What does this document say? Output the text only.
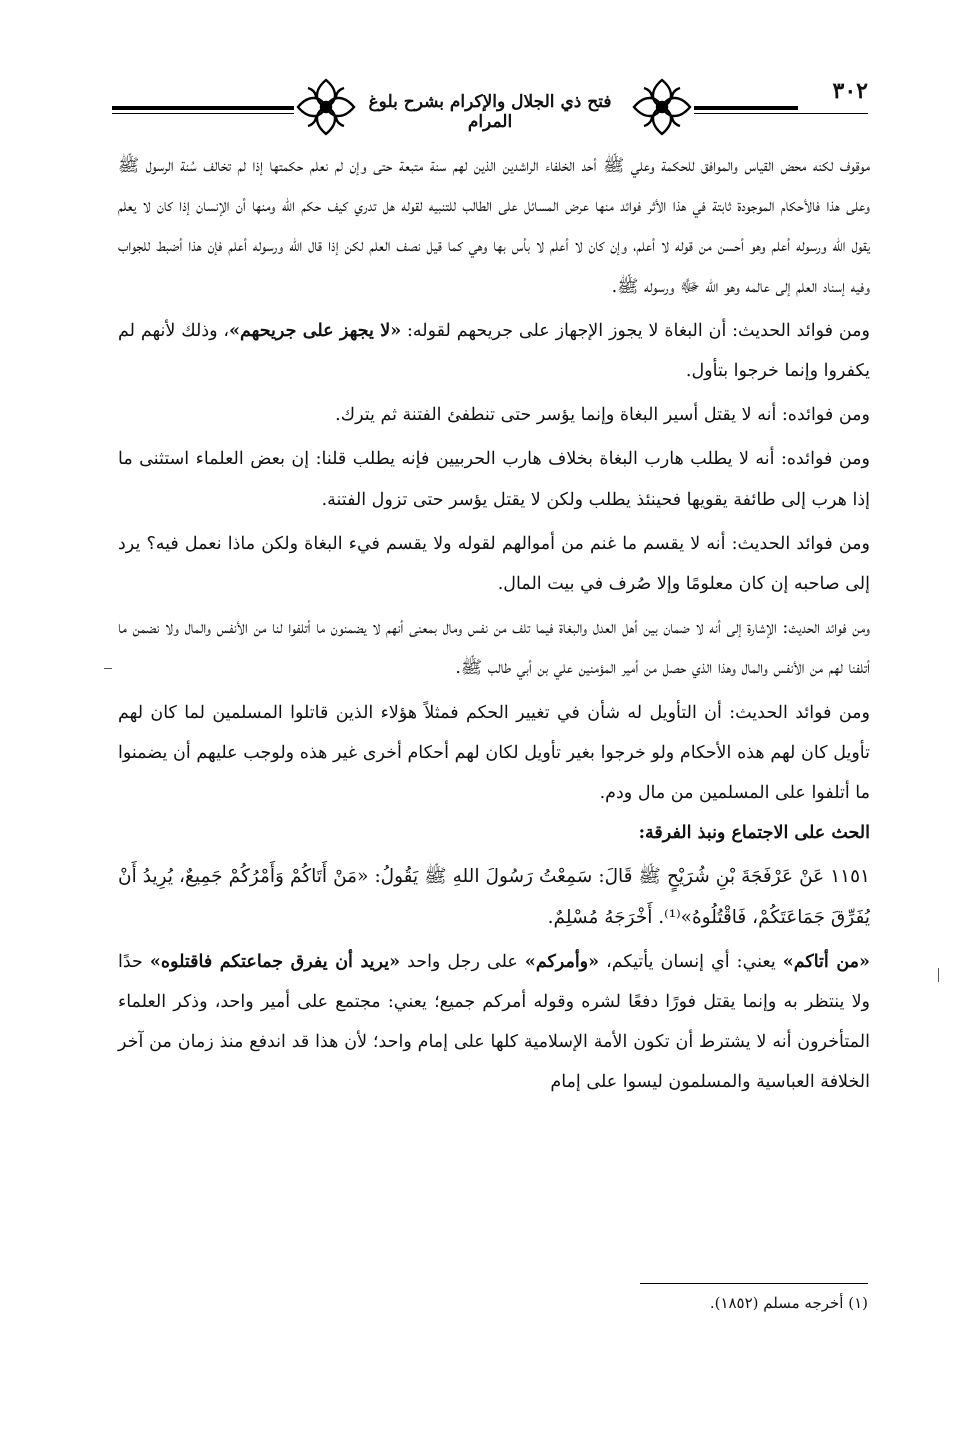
فتح ذي الجلال والإكرام بشرح بلوغ المرام
٣٠٢

موقوف لكنه محض القياس والموافق للحكمة وعلي ﷺ أحد الخلفاء الراشدين الذين لهم سنة متبعة حتى وإن لم نعلم حكمتها إذا لم تخالف سُنة الرسول ﷺ وعلى هذا فالأحكام الموجودة ثابتة في هذا الأثر فوائد منها عرض المسائل على الطالب للتنبيه لقوله هل تدري كيف حكم الله ومنها أن الإنسان إذا كان لا يعلم يقول الله ورسوله أعلم وهو أحسن من قوله لا أعلم، وإن كان لا أعلم لا بأس بها وهي كما قيل نصف العلم لكن إذا قال الله ورسوله أعلم فإن هذا أضبط للجواب وفيه إسناد العلم إلى عالمه وهو الله ﷻ ورسوله ﷺ.

ومن فوائد الحديث: أن البغاة لا يجوز الإجهاز على جريحهم لقوله: «لا يجهز على جريحهم»، وذلك لأنهم لم يكفروا وإنما خرجوا بتأول.

ومن فوائده: أنه لا يقتل أسير البغاة وإنما يؤسر حتى تنطفئ الفتنة ثم يترك.

ومن فوائده: أنه لا يطلب هارب البغاة بخلاف هارب الحربيين فإنه يطلب قلنا: إن بعض العلماء استثنى ما إذا هرب إلى طائفة يقويها فحينئذ يطلب ولكن لا يقتل يؤسر حتى تزول الفتنة.

ومن فوائد الحديث: أنه لا يقسم ما غنم من أموالهم لقوله ولا يقسم فيء البغاة ولكن ماذا نعمل فيه؟ يرد إلى صاحبه إن كان معلومًا وإلا صُرف في بيت المال.

ومن فوائد الحديث: الإشارة إلى أنه لا ضمان بين أهل العدل والبغاة فيما تلف من نفس ومال بمعنى أنهم لا يضمنون ما أتلفوا لنا من الأنفس والمال ولا نضمن ما أتلفنا لهم من الأنفس والمال وهذا الذي حصل من أمير المؤمنين علي بن أبي طالب ﷺ.

ومن فوائد الحديث: أن التأويل له شأن في تغيير الحكم فمثلاً هؤلاء الذين قاتلوا المسلمين لما كان لهم تأويل كان لهم هذه الأحكام ولو خرجوا بغير تأويل لكان لهم أحكام أخرى غير هذه ولوجب عليهم أن يضمنوا ما أتلفوا على المسلمين من مال ودم.

الحث على الاجتماع ونبذ الفرقة:

١١٥١ عَنْ عَرْفَجَةَ بْنِ شُرَيْحٍ ﷺ قَالَ: سَمِعْتُ رَسُولَ اللهِ ﷺ يَقُولُ: «مَنْ أَتَاكُمْ وَأَمْرُكُمْ جَمِيعٌ، يُرِيدُ أَنْ يُفَرِّقَ جَمَاعَتَكُمْ، فَاقْتُلُوهُ»⁽¹⁾. أَخْرَجَهُ مُسْلِمٌ.

«من أتاكم» يعني: أي إنسان يأتيكم، «وأمركم» على رجل واحد «يريد أن يفرق جماعتكم فاقتلوه» حدًا ولا ينتظر به وإنما يقتل فورًا دفعًا لشره وقوله أمركم جميع؛ يعني: مجتمع على أمير واحد، وذكر العلماء المتأخرون أنه لا يشترط أن تكون الأمة الإسلامية كلها على إمام واحد؛ لأن هذا قد اندفع منذ زمان من آخر الخلافة العباسية والمسلمون ليسوا على إمام

(١) أخرجه مسلم (١٨٥٢).
